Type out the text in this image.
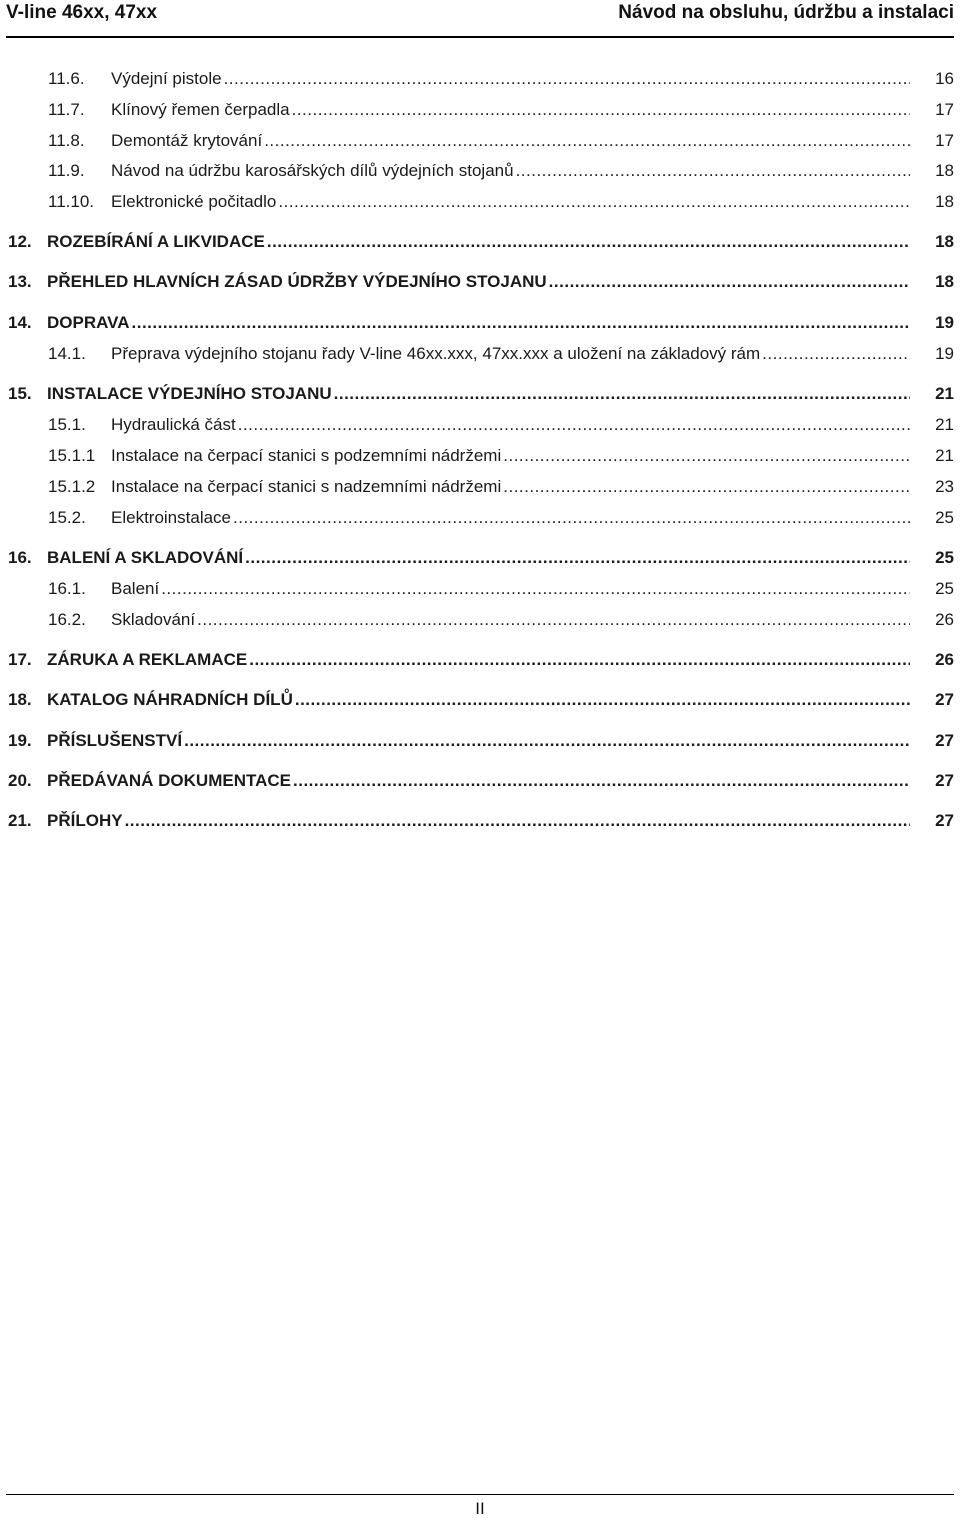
V-line 46xx, 47xx	Návod na obsluhu, údržbu a instalaci
11.6. Výdejní pistole .....	16
11.7. Klínový řemen čerpadla .....	17
11.8. Demontáž krytování .....	17
11.9. Návod na údržbu karosářských dílů výdejních stojanů .....	18
11.10. Elektronické počitadlo .....	18
12. ROZEBÍRÁNÍ A LIKVIDACE .....	18
13. PŘEHLED HLAVNÍCH ZÁSAD ÚDRŽBY VÝDEJNÍHO STOJANU .....	18
14. DOPRAVA .....	19
14.1. Přeprava výdejního stojanu řady V-line 46xx.xxx, 47xx.xxx a uložení na základový rám .....	19
15. INSTALACE VÝDEJNÍHO STOJANU .....	21
15.1. Hydraulická část .....	21
15.1.1 Instalace na čerpací stanici s podzemními nádržemi .....	21
15.1.2 Instalace na čerpací stanici s nadzemními nádržemi .....	23
15.2. Elektroinstalace .....	25
16. BALENÍ A SKLADOVÁNÍ .....	25
16.1. Balení .....	25
16.2. Skladování .....	26
17. ZÁRUKA A REKLAMACE .....	26
18. KATALOG NÁHRADNÍCH DÍLŮ .....	27
19. PŘÍSLUŠENSTVÍ .....	27
20. PŘEDÁVANÁ DOKUMENTACE .....	27
21. PŘÍLOHY .....	27
II
